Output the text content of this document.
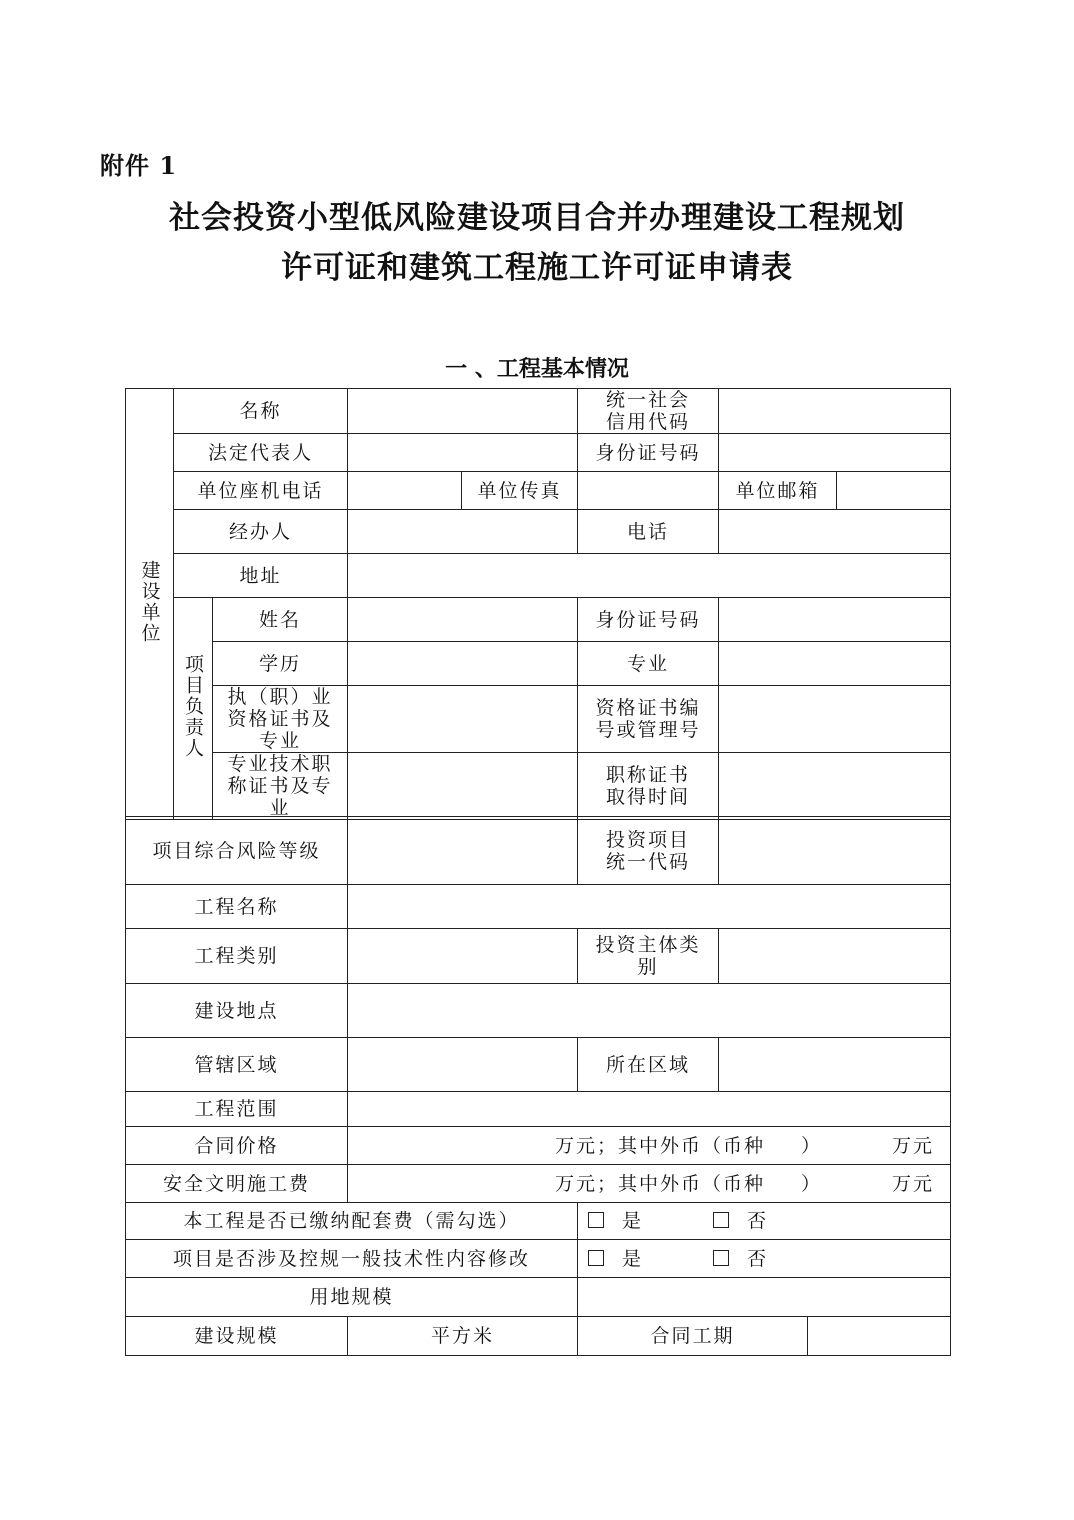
附件 1
社会投资小型低风险建设项目合并办理建设工程规划
许可证和建筑工程施工许可证申请表
一 、工程基本情况
建设单位	名称				统一社会信用代码		
	法定代表人				身份证号码		
	单位座机电话			单位传真		单位邮箱	
	经办人				电话		
	地址						
	项目负责人	姓名			身份证号码		
		学历			专业		
		执（职）业资格证书及专业			资格证书编号或管理号		
		专业技术职称证书及专业			职称证书取得时间		
项目综合风险等级		投资项目统一代码		
工程名称				
工程类别		投资主体类别		
建设地点				
管辖区域		所在区域		
工程范围				
合同价格	万元；其中外币（币种 ） 万元			
安全文明施工费	万元；其中外币（币种 ） 万元			
本工程是否已缴纳配套费（需勾选）		是 否		
项目是否涉及控规一般技术性内容修改		是 否		
用地规模				
建设规模	平方米	合同工期		
